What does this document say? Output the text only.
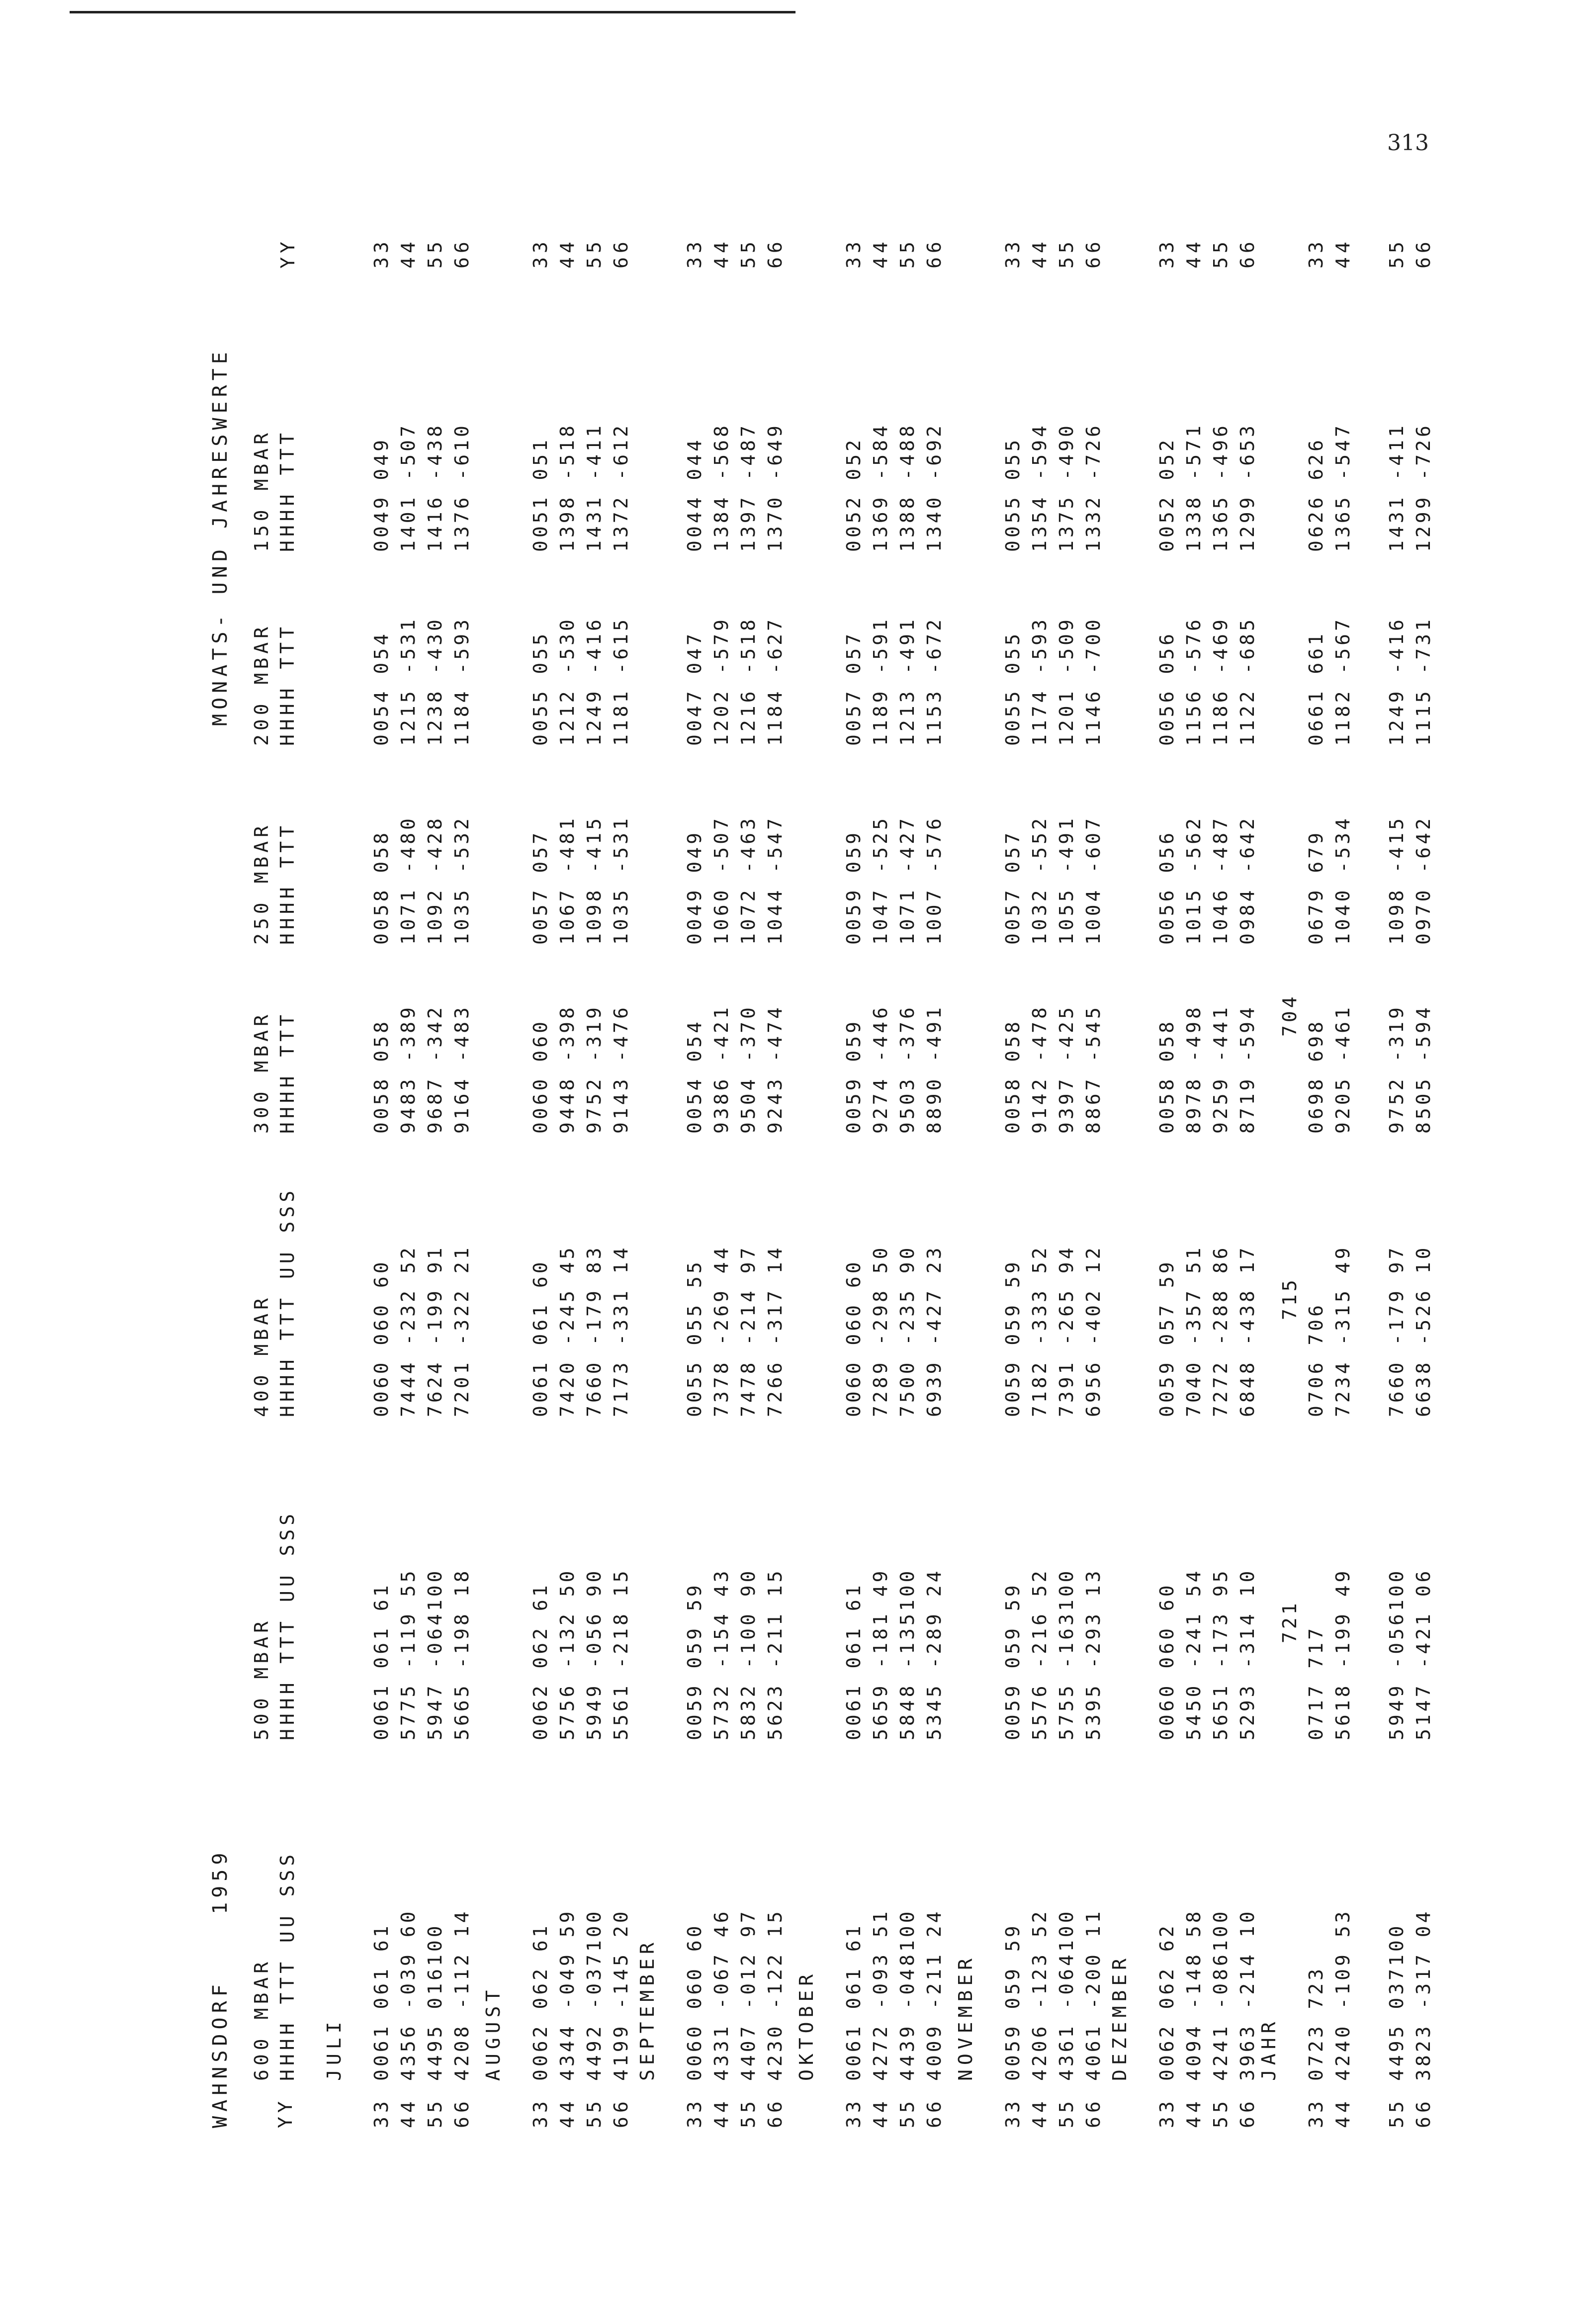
313
WAHNSDORF    1959
MONATS- UND JAHRESWERTE
YY
YY
600 MBAR HHHH TTT UU SSS
500 MBAR HHHH TTT UU SSS
400 MBAR HHHH TTT UU SSS
300 MBAR HHHH TTT
250 MBAR HHHH TTT
200 MBAR HHHH TTT
150 MBAR HHHH TTT
JULI
33 44 55 66
33 44 55 66
0061 061 61 4356 -039 60 4495 016100 4208 -112 14
0061 061 61 5775 -119 55 5947 -064100 5665 -198 18
0060 060 60 7444 -232 52 7624 -199 91 7201 -322 21
0058 058 9483 -389 9687 -342 9164 -483
0058 058 1071 -480 1092 -428 1035 -532
0054 054 1215 -531 1238 -430 1184 -593
0049 049 1401 -507 1416 -438 1376 -610
AUGUST
33 44 55 66
33 44 55 66
0062 062 61 4344 -049 59 4492 -037100 4199 -145 20
0062 062 61 5756 -132 50 5949 -056 90 5561 -218 15
0061 061 60 7420 -245 45 7660 -179 83 7173 -331 14
0060 060 9448 -398 9752 -319 9143 -476
0057 057 1067 -481 1098 -415 1035 -531
0055 055 1212 -530 1249 -416 1181 -615
0051 051 1398 -518 1431 -411 1372 -612
SEPTEMBER
33 44 55 66
33 44 55 66
0060 060 60 4331 -067 46 4407 -012 97 4230 -122 15
0059 059 59 5732 -154 43 5832 -100 90 5623 -211 15
0055 055 55 7378 -269 44 7478 -214 97 7266 -317 14
0054 054 9386 -421 9504 -370 9243 -474
0049 049 1060 -507 1072 -463 1044 -547
0047 047 1202 -579 1216 -518 1184 -627
0044 044 1384 -568 1397 -487 1370 -649
OKTOBER
33 44 55 66
33 44 55 66
0061 061 61 4272 -093 51 4439 -048100 4009 -211 24
0061 061 61 5659 -181 49 5848 -135100 5345 -289 24
0060 060 60 7289 -298 50 7500 -235 90 6939 -427 23
0059 059 9274 -446 9503 -376 8890 -491
0059 059 1047 -525 1071 -427 1007 -576
0057 057 1189 -591 1213 -491 1153 -672
0052 052 1369 -584 1388 -488 1340 -692
NOVEMBER
33 44 55 66
33 44 55 66
0059 059 59 4206 -123 52 4361 -064100 4061 -200 11
0059 059 59 5576 -216 52 5755 -163100 5395 -293 13
0059 059 59 7182 -333 52 7391 -265 94 6956 -402 12
0058 058 9142 -478 9397 -425 8867 -545
0057 057 1032 -552 1055 -491 1004 -607
0055 055 1174 -593 1201 -509 1146 -700
0055 055 1354 -594 1375 -490 1332 -726
DEZEMBER
33 44 55 66
33 44 55 66
0062 062 62 4094 -148 58 4241 -086100 3963 -214 10
0060 060 60 5450 -241 54 5651 -173 95 5293 -314 10
0059 057 59 7040 -357 51 7272 -288 86 6848 -438 17
0058 058 8978 -498 9259 -441 8719 -594
0056 056 1015 -562 1046 -487 0984 -642
0056 056 1156 -576 1186 -469 1122 -685
0052 052 1338 -571 1365 -496 1299 -653
JAHR
33 44
55 66
33 44
55 66
0723 723 4240 -109 53
4495 037100 3823 -317 04
0717 717 5618 -199 49
5949 -056100 5147 -421 06
0706 706 7234 -315 49
7660 -179 97 6638 -526 10
0698 698 9205 -461
9752 -319 8505 -594
0679 679 1040 -534
1098 -415 0970 -642
0661 661 1182 -567
1249 -416 1115 -731
0626 626 1365 -547
1431 -411 1299 -726
721
715
704
